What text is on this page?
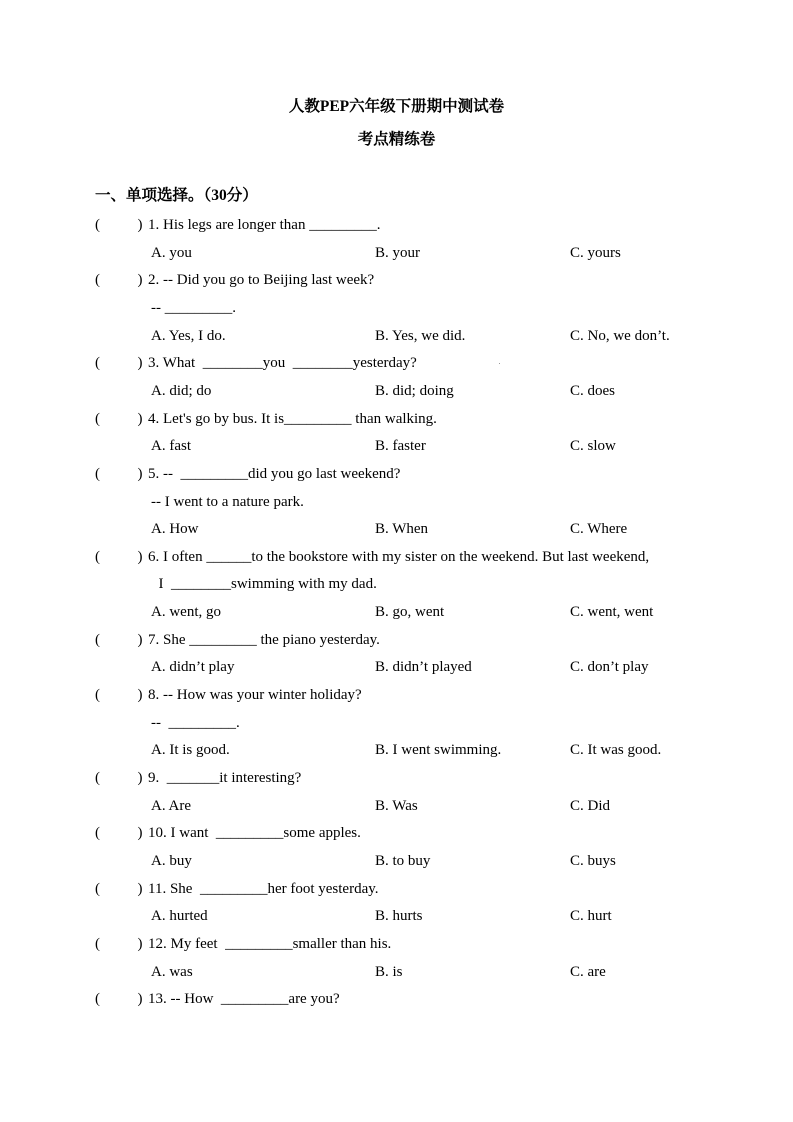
人教PEP六年级下册期中测试卷
考点精练卷
一、单项选择。（30分）
(          ) 1. His legs are longer than _________.
A. you	B. your	C. yours
(          ) 2. -- Did you go to Beijing last week?
-- _________.
A. Yes, I do.	B. Yes, we did.	C. No, we don’t.
(          ) 3. What  ________you  ________yesterday?
A. did; do	B. did; doing	C. does
(          ) 4. Let's go by bus. It is_________ than walking.
A. fast	B. faster	C. slow
(          ) 5. --  _________did you go last weekend?
-- I went to a nature park.
A. How	B. When	C. Where
(          ) 6. I often ______to the bookstore with my sister on the weekend. But last weekend,
I  ________swimming with my dad.
A. went, go	B. go, went	C. went, went
(          ) 7. She _________ the piano yesterday.
A. didn’t play	B. didn’t played	C. don’t play
(          ) 8. -- How was your winter holiday?
--  _________.
A. It is good.	B. I went swimming.	C. It was good.
(          ) 9.  _______it interesting?
A. Are	B. Was	C. Did
(          ) 10. I want  _________some apples.
A. buy	B. to buy	C. buys
(          ) 11. She  _________her foot yesterday.
A. hurted	B. hurts	C. hurt
(          ) 12. My feet  _________smaller than his.
A. was	B. is	C. are
(          ) 13. -- How  _________are you?
